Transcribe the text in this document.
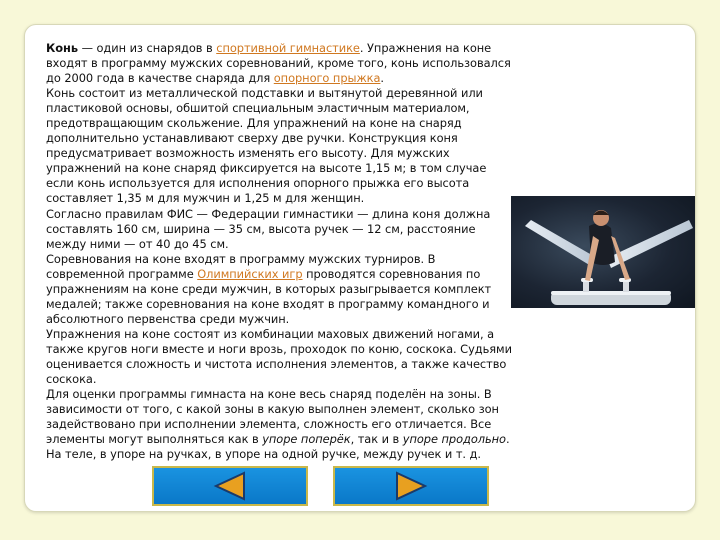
Конь — один из снарядов в спортивной гимнастике. Упражнения на коне входят в программу мужских соревнований, кроме того, конь использовался до 2000 года в качестве снаряда для опорного прыжка.

Конь состоит из металлической подставки и вытянутой деревянной или пластиковой основы, обшитой специальным эластичным материалом, предотвращающим скольжение. Для упражнений на коне на снаряд дополнительно устанавливают сверху две ручки. Конструкция коня предусматривает возможность изменять его высоту. Для мужских упражнений на коне снаряд фиксируется на высоте 1,15 м; в том случае если конь используется для исполнения опорного прыжка его высота составляет 1,35 м для мужчин и 1,25 м для женщин.

Согласно правилам ФИС — Федерации гимнастики — длина коня должна составлять 160 см, ширина — 35 см, высота ручек — 12 см, расстояние между ними — от 40 до 45 см.

Соревнования на коне входят в программу мужских турниров. В современной программе Олимпийских игр проводятся соревнования по упражнениям на коне среди мужчин, в которых разыгрывается комплект медалей; также соревнования на коне входят в программу командного и абсолютного первенства среди мужчин.

Упражнения на коне состоят из комбинации маховых движений ногами, а также кругов ноги вместе и ноги врозь, проходок по коню, соскока. Судьями оценивается сложность и чистота исполнения элементов, а также качество соскока.

Для оценки программы гимнаста на коне весь снаряд поделён на зоны. В зависимости от того, с какой зоны в какую выполнен элемент, сколько зон задействовано при исполнении элемента, сложность его отличается. Все элементы могут выполняться как в упоре поперёк, так и в упоре продольно. На теле, в упоре на ручках, в упоре на одной ручке, между ручек и т. д.
